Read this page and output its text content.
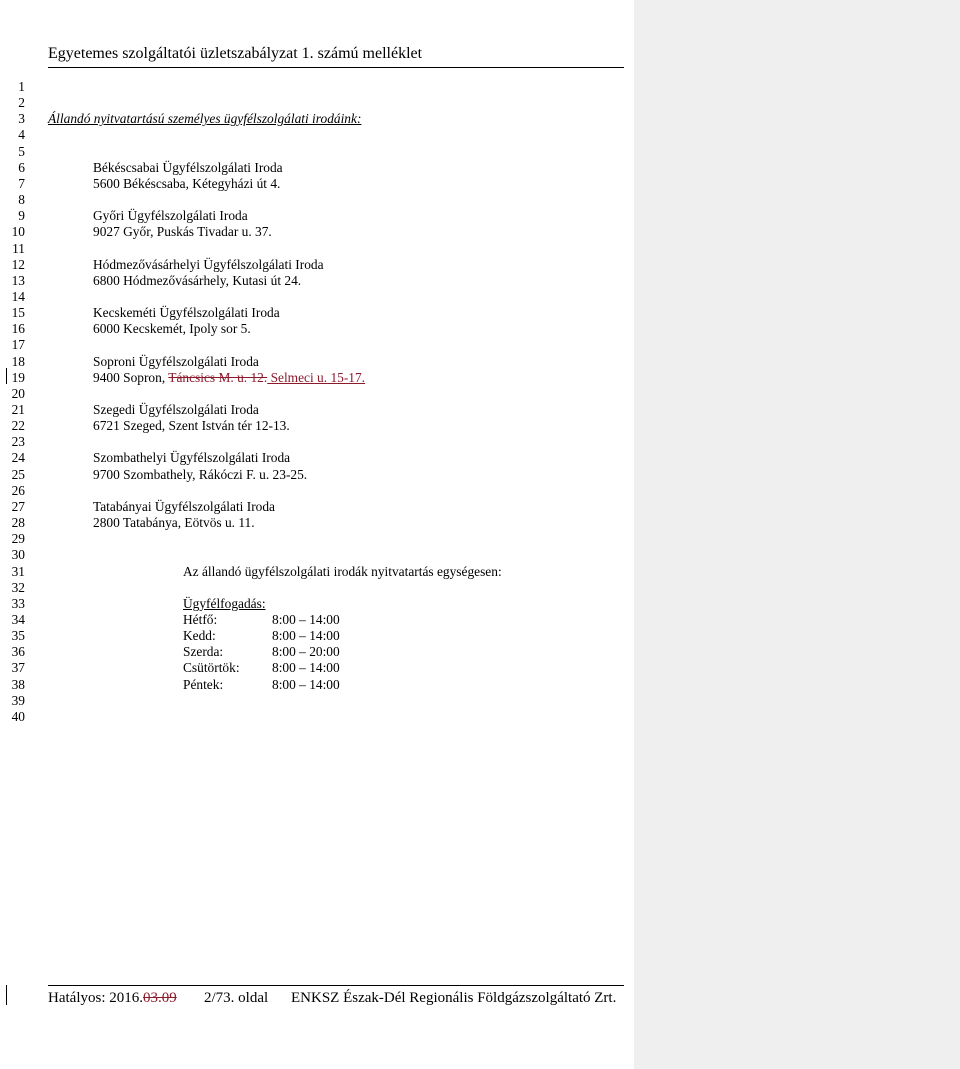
Egyetemes szolgáltatói üzletszabályzat 1. számú melléklet
1
2
3 Állandó nyitvatartású személyes ügyfélszolgálati irodáink:
4
5
6	Békéscsabai Ügyfélszolgálati Iroda
7	5600 Békéscsaba, Kétegyházi út 4.
8
9	Győri Ügyfélszolgálati Iroda
10	9027 Győr, Puskás Tivadar u. 37.
11
12	Hódmezővásárhelyi Ügyfélszolgálati Iroda
13	6800 Hódmezővásárhely, Kutasi út 24.
14
15	Kecskeméti Ügyfélszolgálati Iroda
16	6000 Kecskemét, Ipoly sor 5.
17
18	Soproni Ügyfélszolgálati Iroda
19	9400 Sopron, Táncsics M. u. 12. Selmeci u. 15-17.
20
21	Szegedi Ügyfélszolgálati Iroda
22	6721 Szeged, Szent István tér 12-13.
23
24	Szombathelyi Ügyfélszolgálati Iroda
25	9700 Szombathely, Rákóczi F. u. 23-25.
26
27	Tatabányai Ügyfélszolgálati Iroda
28	2800 Tatabánya, Eötvös u. 11.
29
30
31	Az állandó ügyfélszolgálati irodák nyitvatartás egységesen:
32
33	Ügyfélfogadás:
34	Hétfő:	8:00 – 14:00
35	Kedd:	8:00 – 14:00
36	Szerda:	8:00 – 20:00
37	Csütörtök: 8:00 – 14:00
38	Péntek:	8:00 – 14:00
39
40
Hatályos: 2016.03.09 2/73. oldal ENKSZ Észak-Dél Regionális Földgázszolgáltató Zrt.
